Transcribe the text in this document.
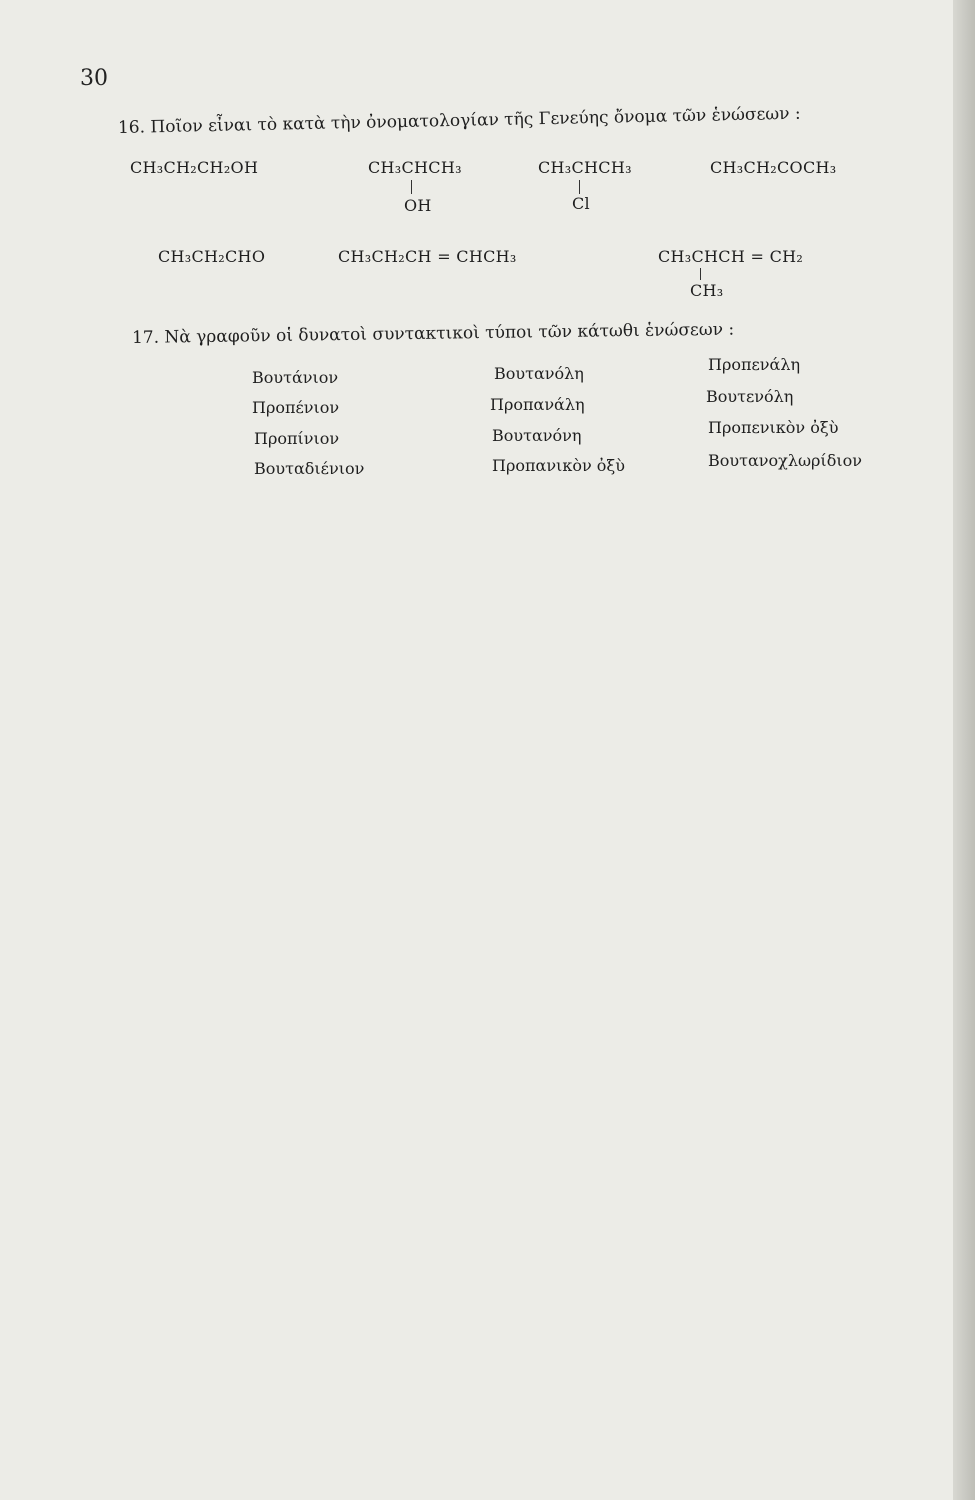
30
16. Ποῖον εἶναι τὸ κατὰ τὴν ὀνοματολογίαν τῆς Γενεύης ὄνομα τῶν ἑνώσεων :
CH₃CH₂CH₂OH	CH₃CHCH₃
OH
CH₃CHCH₃
Cl
CH₃CH₂COCH₃
CH₃CH₂CHO	CH₃CH₂CH = CHCH₃	CH₃CHCH = CH₂
CH₃
17. Νὰ γραφοῦν οἱ δυνατοὶ συντακτικοὶ τύποι τῶν κάτωθι ἑνώσεων :
Βουτάνιον
Προπένιον
Προπίνιον
Βουταδιένιον
Βουτανόλη
Προπανάλη
Βουτανόνη
Προπανικὸν ὀξὺ
Προπενάλη
Βουτενόλη
Προπενικὸν ὀξὺ
Βουτανοχλωρίδιον
